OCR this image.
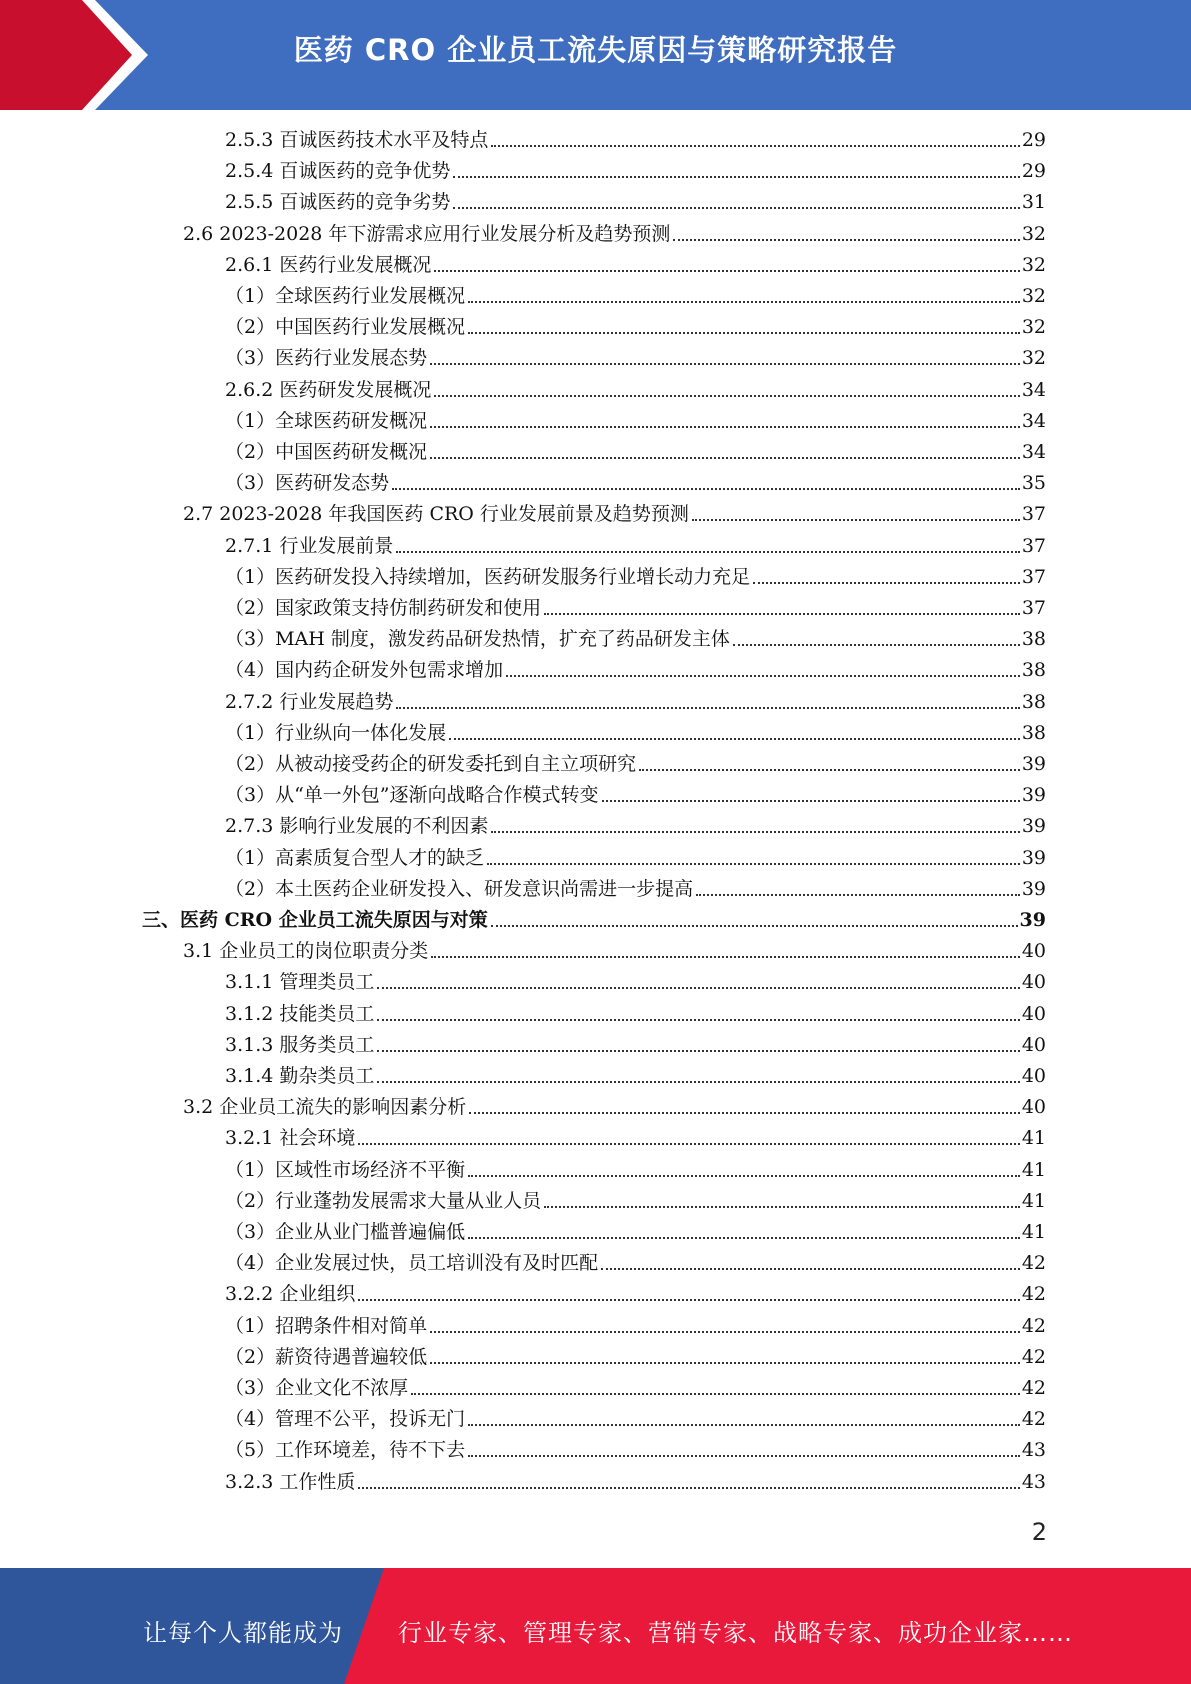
医药 CRO 企业员工流失原因与策略研究报告
2.5.3 百诚医药技术水平及特点	29
2.5.4 百诚医药的竞争优势	29
2.5.5 百诚医药的竞争劣势	31
2.6 2023-2028 年下游需求应用行业发展分析及趋势预测	32
2.6.1 医药行业发展概况	32
（1）全球医药行业发展概况	32
（2）中国医药行业发展概况	32
（3）医药行业发展态势	32
2.6.2 医药研发发展概况	34
（1）全球医药研发概况	34
（2）中国医药研发概况	34
（3）医药研发态势	35
2.7 2023-2028 年我国医药 CRO 行业发展前景及趋势预测	37
2.7.1 行业发展前景	37
（1）医药研发投入持续增加，医药研发服务行业增长动力充足	37
（2）国家政策支持仿制药研发和使用	37
（3）MAH 制度，激发药品研发热情，扩充了药品研发主体	38
（4）国内药企研发外包需求增加	38
2.7.2 行业发展趋势	38
（1）行业纵向一体化发展	38
（2）从被动接受药企的研发委托到自主立项研究	39
（3）从“单一外包”逐渐向战略合作模式转变	39
2.7.3 影响行业发展的不利因素	39
（1）高素质复合型人才的缺乏	39
（2）本土医药企业研发投入、研发意识尚需进一步提高	39
三、医药 CRO 企业员工流失原因与对策	39
3.1 企业员工的岗位职责分类	40
3.1.1 管理类员工	40
3.1.2 技能类员工	40
3.1.3 服务类员工	40
3.1.4 勤杂类员工	40
3.2 企业员工流失的影响因素分析	40
3.2.1 社会环境	41
（1）区域性市场经济不平衡	41
（2）行业蓬勃发展需求大量从业人员	41
（3）企业从业门槛普遍偏低	41
（4）企业发展过快，员工培训没有及时匹配	42
3.2.2 企业组织	42
（1）招聘条件相对简单	42
（2）薪资待遇普遍较低	42
（3）企业文化不浓厚	42
（4）管理不公平，投诉无门	42
（5）工作环境差，待不下去	43
3.2.3 工作性质	43
2
让每个人都能成为 行业专家、管理专家、营销专家、战略专家、成功企业家……
